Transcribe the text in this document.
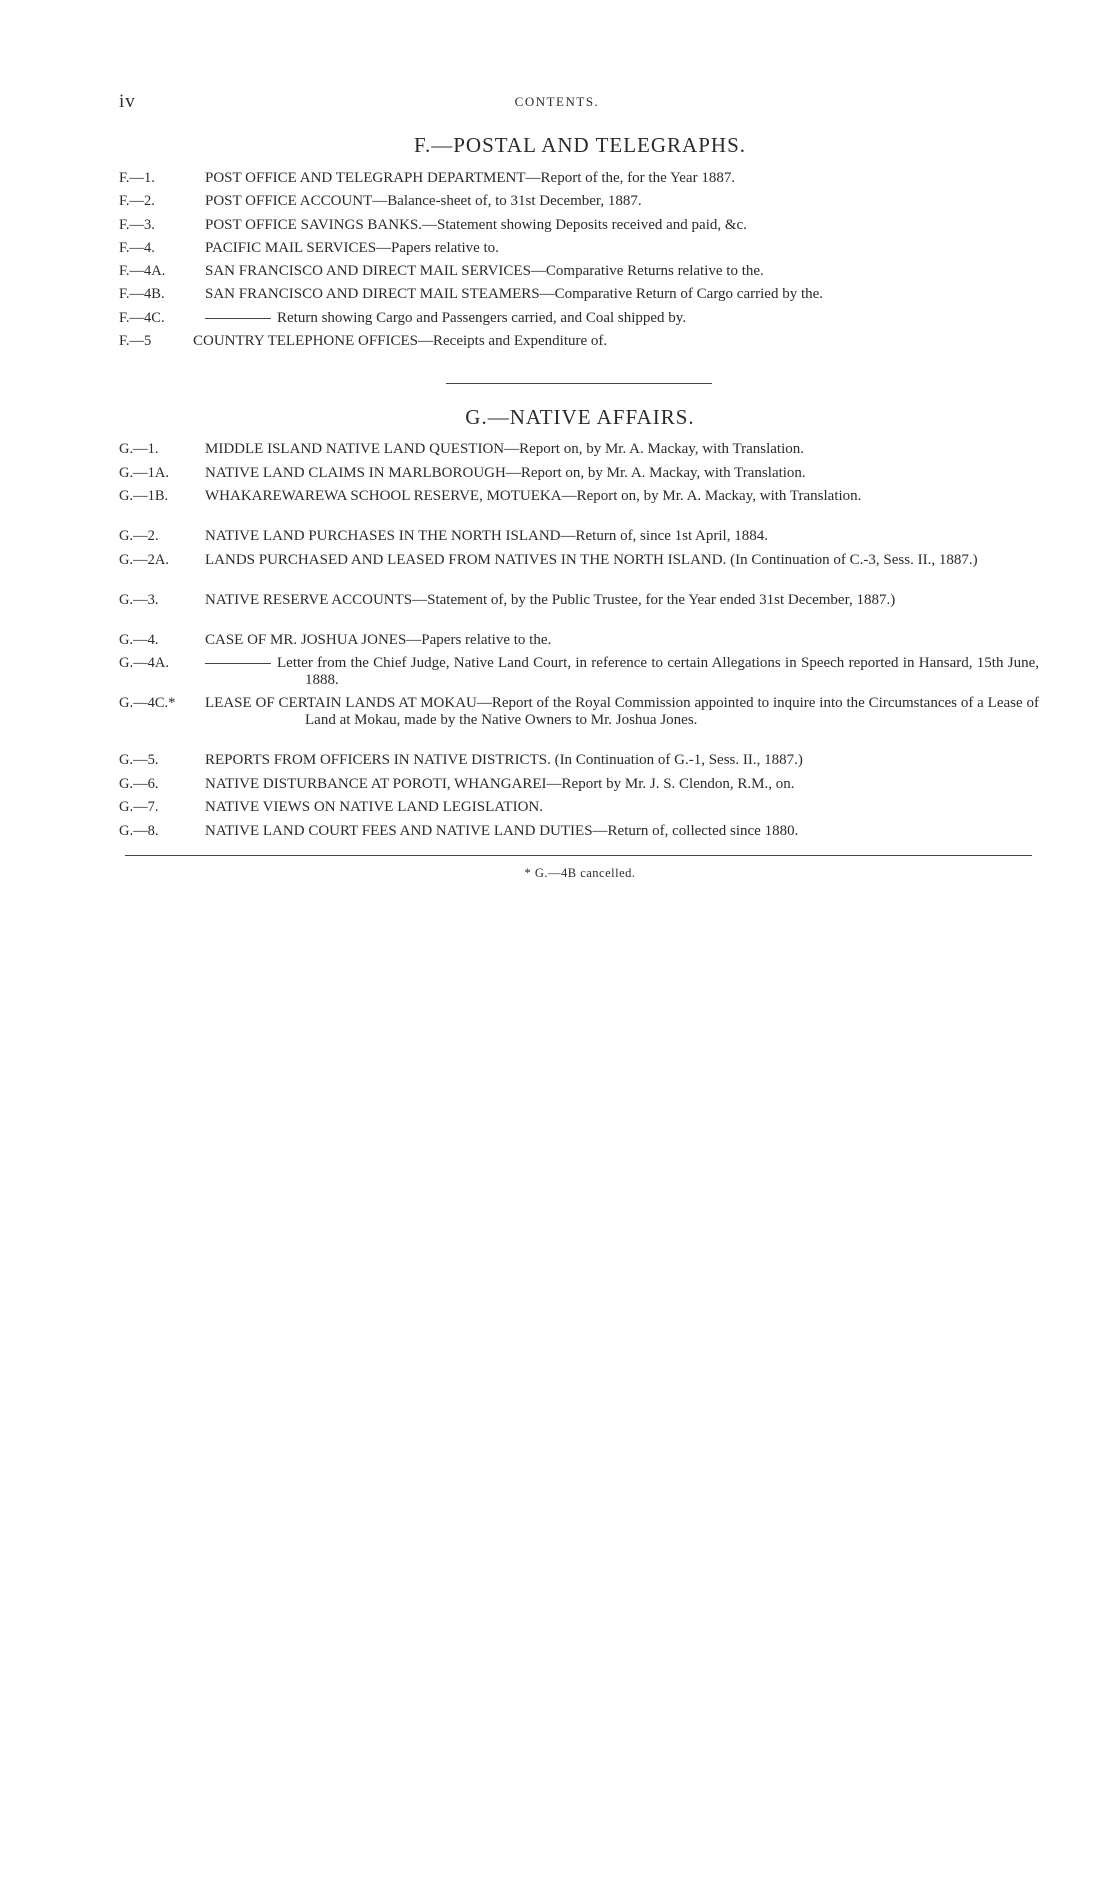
iv	CONTENTS.
F.—POSTAL AND TELEGRAPHS.
F.—1.	POST OFFICE AND TELEGRAPH DEPARTMENT—Report of the, for the Year 1887.
F.—2.	POST OFFICE ACCOUNT—Balance-sheet of, to 31st December, 1887.
F.—3.	POST OFFICE SAVINGS BANKS.—Statement showing Deposits received and paid, &c.
F.—4.	PACIFIC MAIL SERVICES—Papers relative to.
F.—4A.	SAN FRANCISCO AND DIRECT MAIL SERVICES—Comparative Returns relative to the.
F.—4B.	SAN FRANCISCO AND DIRECT MAIL STEAMERS—Comparative Return of Cargo carried by the.
F.—4C.	Return showing Cargo and Passengers carried, and Coal shipped by.
F.—5	COUNTRY TELEPHONE OFFICES—Receipts and Expenditure of.
G.—NATIVE AFFAIRS.
G.—1.	MIDDLE ISLAND NATIVE LAND QUESTION—Report on, by Mr. A. Mackay, with Translation.
G.—1A.	NATIVE LAND CLAIMS IN MARLBOROUGH—Report on, by Mr. A. Mackay, with Translation.
G.—1B.	WHAKAREWAREWA SCHOOL RESERVE, MOTUEKA—Report on, by Mr. A. Mackay, with Translation.
G.—2.	NATIVE LAND PURCHASES IN THE NORTH ISLAND—Return of, since 1st April, 1884.
G.—2A.	LANDS PURCHASED AND LEASED FROM NATIVES IN THE NORTH ISLAND. (In Continuation of C.-3, Sess. II., 1887.)
G.—3.	NATIVE RESERVE ACCOUNTS—Statement of, by the Public Trustee, for the Year ended 31st December, 1887.)
G.—4.	CASE OF MR. JOSHUA JONES—Papers relative to the.
G.—4A.	Letter from the Chief Judge, Native Land Court, in reference to certain Allegations in Speech reported in Hansard, 15th June, 1888.
G.—4C.*	LEASE OF CERTAIN LANDS AT MOKAU—Report of the Royal Commission appointed to inquire into the Circumstances of a Lease of Land at Mokau, made by the Native Owners to Mr. Joshua Jones.
G.—5.	REPORTS FROM OFFICERS IN NATIVE DISTRICTS. (In Continuation of G.-1, Sess. II., 1887.)
G.—6.	NATIVE DISTURBANCE AT POROTI, WHANGAREI—Report by Mr. J. S. Clendon, R.M., on.
G.—7.	NATIVE VIEWS ON NATIVE LAND LEGISLATION.
G.—8.	NATIVE LAND COURT FEES AND NATIVE LAND DUTIES—Return of, collected since 1880.
* G.—4B cancelled.
